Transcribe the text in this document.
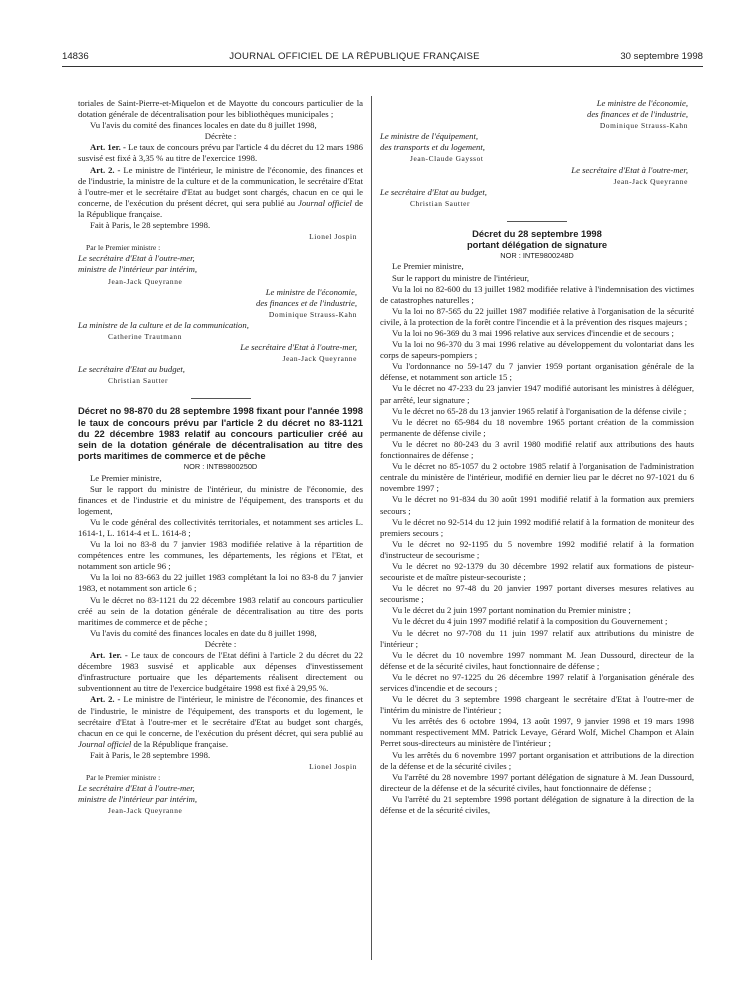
14836	JOURNAL OFFICIEL DE LA RÉPUBLIQUE FRANÇAISE	30 septembre 1998

toriales de Saint-Pierre-et-Miquelon et de Mayotte du concours particulier de la dotation générale de décentralisation pour les bibliothèques municipales ;

Vu l'avis du comité des finances locales en date du 8 juillet 1998,

Décrète :

Art. 1er. - Le taux de concours prévu par l'article 4 du décret du 12 mars 1986 susvisé est fixé à 3,35 % au titre de l'exercice 1998.

Art. 2. - Le ministre de l'intérieur, le ministre de l'économie, des finances et de l'industrie, la ministre de la culture et de la communication, le secrétaire d'Etat à l'outre-mer et le secrétaire d'Etat au budget sont chargés, chacun en ce qui le concerne, de l'exécution du présent décret, qui sera publié au Journal officiel de la République française.

Fait à Paris, le 28 septembre 1998.

Lionel Jospin

Par le Premier ministre :

Le secrétaire d'Etat à l'outre-mer,

ministre de l'intérieur par intérim,

Jean-Jack Queyranne

Le ministre de l'économie,

des finances et de l'industrie,

Dominique Strauss-Kahn

La ministre de la culture et de la communication,

Catherine Trautmann

Le secrétaire d'Etat à l'outre-mer,

Jean-Jack Queyranne

Le secrétaire d'Etat au budget,

Christian Sautter

Décret no 98-870 du 28 septembre 1998 fixant pour l'année 1998 le taux de concours prévu par l'article 2 du décret no 83-1121 du 22 décembre 1983 relatif au concours particulier créé au sein de la dotation générale de décentralisation au titre des ports maritimes de commerce et de pêche

NOR : INTB9800250D

Le Premier ministre,

Sur le rapport du ministre de l'intérieur, du ministre de l'économie, des finances et de l'industrie et du ministre de l'équipement, des transports et du logement,

Vu le code général des collectivités territoriales, et notamment ses articles L. 1614-1, L. 1614-4 et L. 1614-8 ;

Vu la loi no 83-8 du 7 janvier 1983 modifiée relative à la répartition de compétences entre les communes, les départements, les régions et l'Etat, et notamment son article 96 ;

Vu la loi no 83-663 du 22 juillet 1983 complétant la loi no 83-8 du 7 janvier 1983, et notamment son article 6 ;

Vu le décret no 83-1121 du 22 décembre 1983 relatif au concours particulier créé au sein de la dotation générale de décentralisation au titre des ports maritimes de commerce et de pêche ;

Vu l'avis du comité des finances locales en date du 8 juillet 1998,

Décrète :

Art. 1er. - Le taux de concours de l'Etat défini à l'article 2 du décret du 22 décembre 1983 susvisé et applicable aux dépenses d'investissement d'infrastructure portuaire que les départements réalisent directement ou subventionnent au titre de l'exercice budgétaire 1998 est fixé à 29,95 %.

Art. 2. - Le ministre de l'intérieur, le ministre de l'économie, des finances et de l'industrie, le ministre de l'équipement, des transports et du logement, le secrétaire d'Etat à l'outre-mer et le secrétaire d'Etat au budget sont chargés, chacun en ce qui le concerne, de l'exécution du présent décret, qui sera publié au Journal officiel de la République française.

Fait à Paris, le 28 septembre 1998.

Lionel Jospin

Par le Premier ministre :

Le secrétaire d'Etat à l'outre-mer,

ministre de l'intérieur par intérim,

Jean-Jack Queyranne

Le ministre de l'économie,

des finances et de l'industrie,

Dominique Strauss-Kahn

Le ministre de l'équipement,

des transports et du logement,

Jean-Claude Gayssot

Le secrétaire d'Etat à l'outre-mer,

Jean-Jack Queyranne

Le secrétaire d'Etat au budget,

Christian Sautter

Décret du 28 septembre 1998

portant délégation de signature

NOR : INTE9800248D

Le Premier ministre,

Sur le rapport du ministre de l'intérieur,

Vu la loi no 82-600 du 13 juillet 1982 modifiée relative à l'indemnisation des victimes de catastrophes naturelles ;

Vu la loi no 87-565 du 22 juillet 1987 modifiée relative à l'organisation de la sécurité civile, à la protection de la forêt contre l'incendie et à la prévention des risques majeurs ;

Vu la loi no 96-369 du 3 mai 1996 relative aux services d'incendie et de secours ;

Vu la loi no 96-370 du 3 mai 1996 relative au développement du volontariat dans les corps de sapeurs-pompiers ;

Vu l'ordonnance no 59-147 du 7 janvier 1959 portant organisation générale de la défense, et notamment son article 15 ;

Vu le décret no 47-233 du 23 janvier 1947 modifié autorisant les ministres à déléguer, par arrêté, leur signature ;

Vu le décret no 65-28 du 13 janvier 1965 relatif à l'organisation de la défense civile ;

Vu le décret no 65-984 du 18 novembre 1965 portant création de la commission permanente de défense civile ;

Vu le décret no 80-243 du 3 avril 1980 modifié relatif aux attributions des hauts fonctionnaires de défense ;

Vu le décret no 85-1057 du 2 octobre 1985 relatif à l'organisation de l'administration centrale du ministère de l'intérieur, modifié en dernier lieu par le décret no 97-1021 du 6 novembre 1997 ;

Vu le décret no 91-834 du 30 août 1991 modifié relatif à la formation aux premiers secours ;

Vu le décret no 92-514 du 12 juin 1992 modifié relatif à la formation de moniteur des premiers secours ;

Vu le décret no 92-1195 du 5 novembre 1992 modifié relatif à la formation d'instructeur de secourisme ;

Vu le décret no 92-1379 du 30 décembre 1992 relatif aux formations de pisteur-secouriste et de maître pisteur-secouriste ;

Vu le décret no 97-48 du 20 janvier 1997 portant diverses mesures relatives au secourisme ;

Vu le décret du 2 juin 1997 portant nomination du Premier ministre ;

Vu le décret du 4 juin 1997 modifié relatif à la composition du Gouvernement ;

Vu le décret no 97-708 du 11 juin 1997 relatif aux attributions du ministre de l'intérieur ;

Vu le décret du 10 novembre 1997 nommant M. Jean Dussourd, directeur de la défense et de la sécurité civiles, haut fonctionnaire de défense ;

Vu le décret no 97-1225 du 26 décembre 1997 relatif à l'organisation générale des services d'incendie et de secours ;

Vu le décret du 3 septembre 1998 chargeant le secrétaire d'Etat à l'outre-mer de l'intérim du ministre de l'intérieur ;

Vu les arrêtés des 6 octobre 1994, 13 août 1997, 9 janvier 1998 et 19 mars 1998 nommant respectivement MM. Patrick Levaye, Gérard Wolf, Michel Champon et Alain Perret sous-directeurs au ministère de l'intérieur ;

Vu les arrêtés du 6 novembre 1997 portant organisation et attributions de la direction de la défense et de la sécurité civiles ;

Vu l'arrêté du 28 novembre 1997 portant délégation de signature à M. Jean Dussourd, directeur de la défense et de la sécurité civiles, haut fonctionnaire de défense ;

Vu l'arrêté du 21 septembre 1998 portant délégation de signature à la direction de la défense et de la sécurité civiles,
